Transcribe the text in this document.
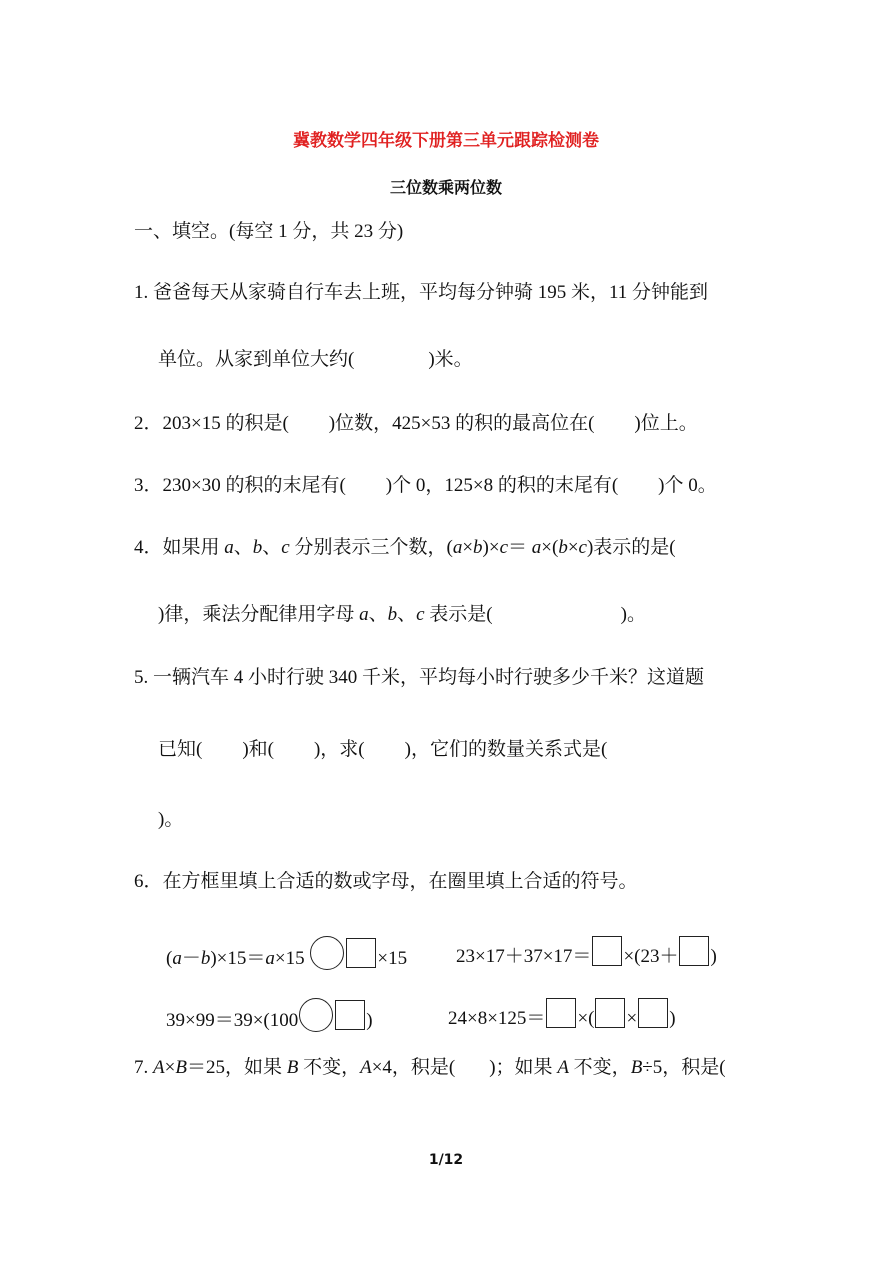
冀教数学四年级下册第三单元跟踪检测卷
三位数乘两位数
一、填空。(每空 1 分，共 23 分)
1. 爸爸每天从家骑自行车去上班，平均每分钟骑 195 米，11 分钟能到
单位。从家到单位大约(	)米。
2．203×15 的积是( )位数，425×53 的积的最高位在( )位上。
3．230×30 的积的末尾有( )个 0，125×8 的积的末尾有( )个 0。
4．如果用 a、b、c 分别表示三个数，(a×b)×c＝ a×(b×c)表示的是(
)律，乘法分配律用字母 a、b、c 表示是(	)。
5. 一辆汽车 4 小时行驶 340 千米，平均每小时行驶多少千米？这道题
已知( )和( )，求( )，它们的数量关系式是(
)。
6．在方框里填上合适的数或字母，在圈里填上合适的符号。
(a－b)×15＝a×15	×15	23×17＋37×17＝ ×(23＋ )
39×99＝39×(100	)	24×8×125＝ ×( × )
7. A×B＝25，如果 B 不变，A×4，积是( )；如果 A 不变，B÷5，积是(
1/12
